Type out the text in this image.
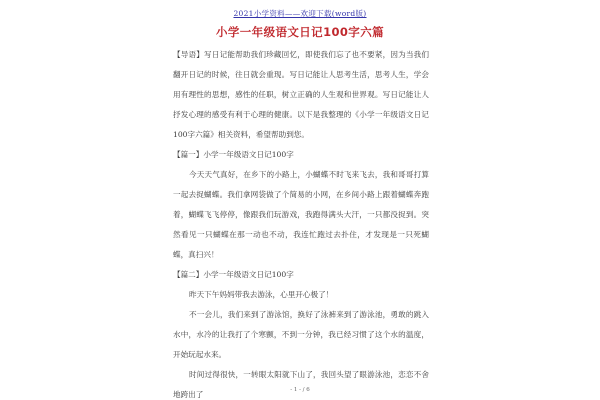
2021小学资料——欢迎下载(word版)
小学一年级语文日记100字六篇

【导语】写日记能帮助我们珍藏回忆，即使我们忘了也不要紧，因为当我们翻开日记的时候，往日就会重现。写日记能让人思考生活，思考人生，学会用有理性的思想，感性的任职，树立正确的人生观和世界观。写日记能让人抒发心理的感受有利于心理的健康。以下是我整理的《小学一年级语文日记100字六篇》相关资料，希望帮助到您。

【篇一】小学一年级语文日记100字

今天天气真好，在乡下的小路上，小蝴蝶不时飞来飞去，我和哥哥打算一起去捉蝴蝶。我们拿网袋做了个简易的小网，在乡间小路上跟着蝴蝶奔跑着，蝴蝶飞飞停停，像跟我们玩游戏，我跑得满头大汗，一只都没捉到。突然看见一只蝴蝶在那一动也不动，我连忙跑过去扑住，才发现是一只死蝴蝶，真扫兴！

【篇二】小学一年级语文日记100字

昨天下午妈妈带我去游泳，心里开心极了！

不一会儿，我们来到了游泳馆，换好了泳裤来到了游泳池，勇敢的跳入水中，水冷的让我打了个寒颤，不到一分钟，我已经习惯了这个水的温度，开始玩起水来。

时间过得很快，一转眼太阳就下山了，我回头望了眼游泳池，恋恋不舍地跨出了	- 1 - / 6
